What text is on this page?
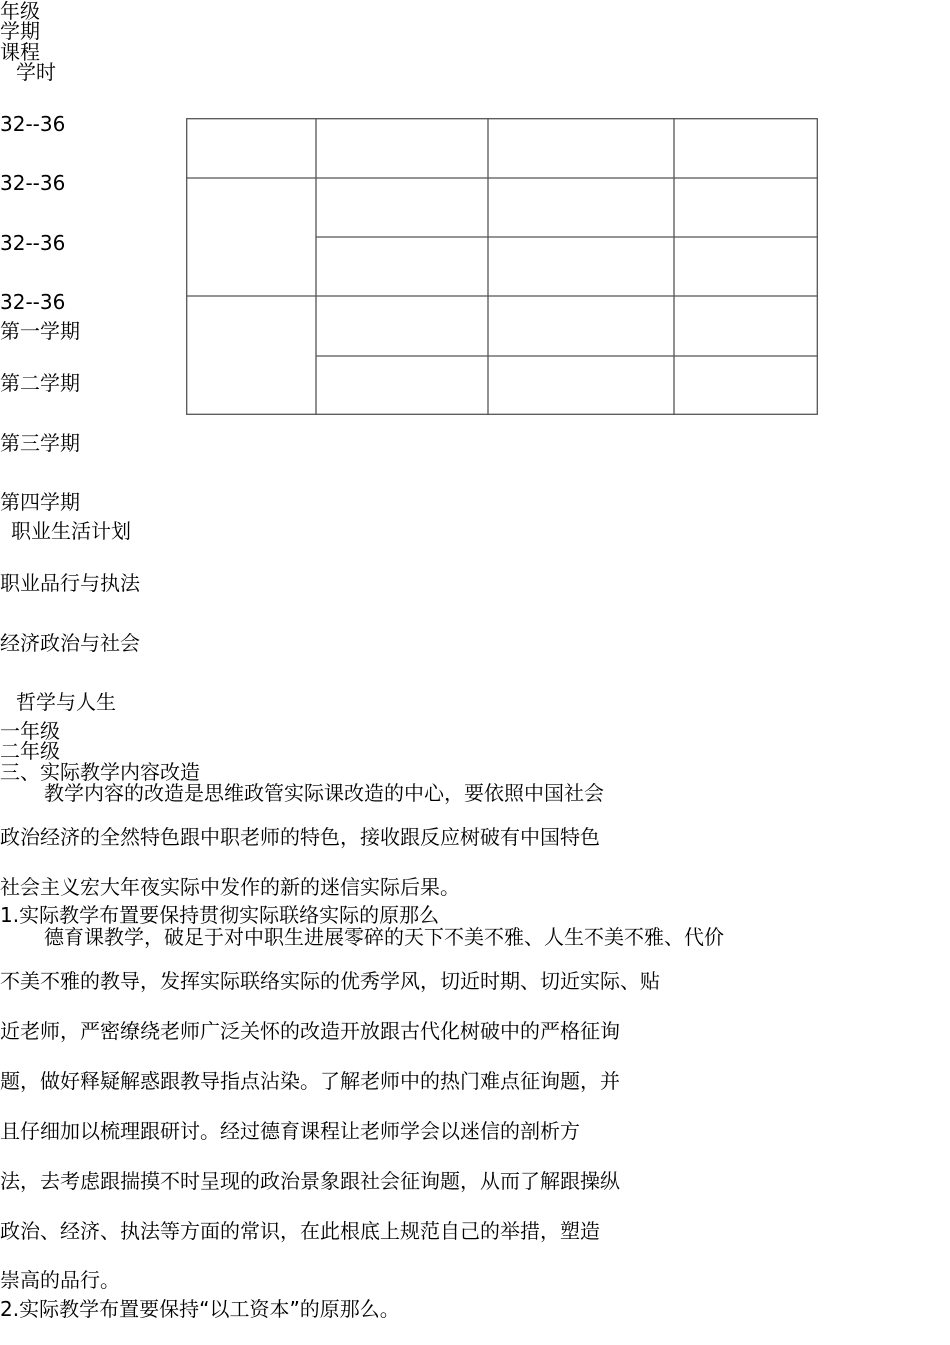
年级

学期

课程

学时

32--36

32--36

32--36

32--36

第一学期

第二学期

第三学期

第四学期

职业生活计划

职业品行与执法

经济政治与社会

哲学与人生

一年级

二年级

三、实际教学内容改造

教学内容的改造是思维政管实际课改造的中心，要依照中国社会

政治经济的全然特色跟中职老师的特色，接收跟反应树破有中国特色

社会主义宏大年夜实际中发作的新的迷信实际后果。

1.实际教学布置要保持贯彻实际联络实际的原那么

德育课教学，破足于对中职生进展零碎的天下不美不雅、人生不美不雅、代价

不美不雅的教导，发挥实际联络实际的优秀学风，切近时期、切近实际、贴

近老师，严密缭绕老师广泛关怀的改造开放跟古代化树破中的严格征询

题，做好释疑解惑跟教导指点沾染。了解老师中的热门难点征询题，并

且仔细加以梳理跟研讨。经过德育课程让老师学会以迷信的剖析方

法，去考虑跟揣摸不时呈现的政治景象跟社会征询题，从而了解跟操纵

政治、经济、执法等方面的常识，在此根底上规范自己的举措，塑造

崇高的品行。

2.实际教学布置要保持“以工资本”的原那么。
